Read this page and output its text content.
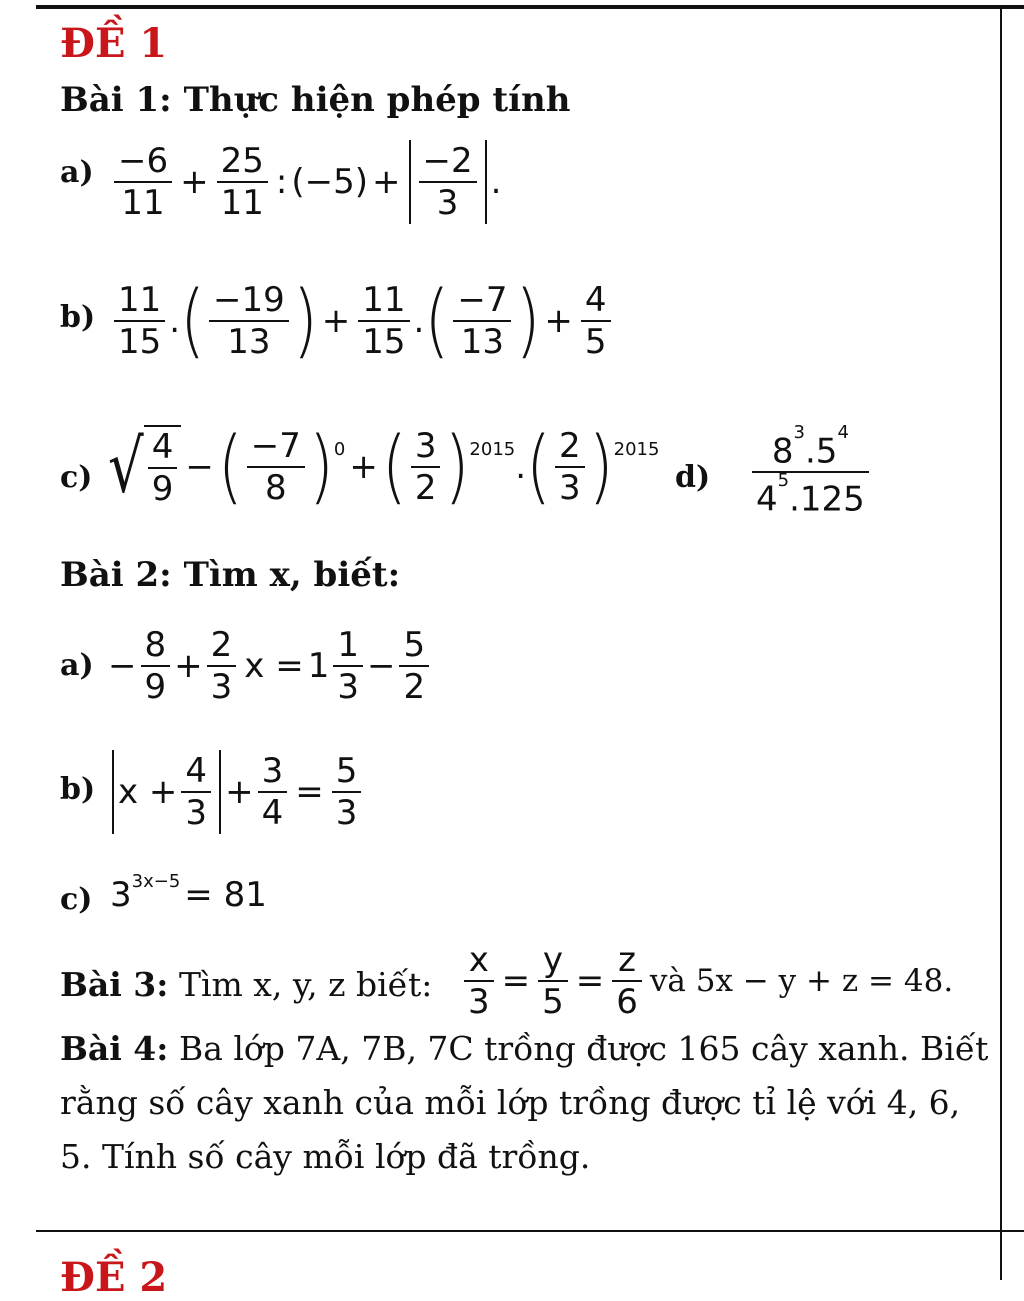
ĐỀ 1
Bài 1: Thực hiện phép tính
$a) \frac{-6}{11} + \frac{25}{11}$ : $(-5) + \frac{-2}{3}$ .
$b) \frac{11}{15}$ . ( $\frac{-19}{13}$ ) + $\frac{11}{15}$ . ( $\frac{-7}{13}$ ) + $\frac{4}{5}$
c) √ $\frac{4}{9}$ − ( $\frac{-7}{8} )^0$ + ( $\frac{3}{2} )^{2015}$ . ( $\frac{2}{3} )^{2015}$
$d) \frac{8^3.5^4}{4^5.125}$
Bài 2: Tìm x, biết:
$a) - \frac{8}{9} + \frac{2}{3}$ $x = 1 \frac{1}{3} - \frac{5}{2}$
b) $x + \frac{4}{3} + \frac{3}{4} = \frac{5}{3}$
c) $3^{3x-5} = 81$
Bài 3: Tìm x, y, z biết: $\frac{x}{3} = \frac{y}{5} = \frac{z}{6}$ và 5x − y + z = 48.
Bài 4: Ba lớp 7A, 7B, 7C trồng được 165 cây xanh. Biết rằng số cây xanh của mỗi lớp trồng được tỉ lệ với 4, 6, 5. Tính số cây mỗi lớp đã trồng.
ĐỀ 2
